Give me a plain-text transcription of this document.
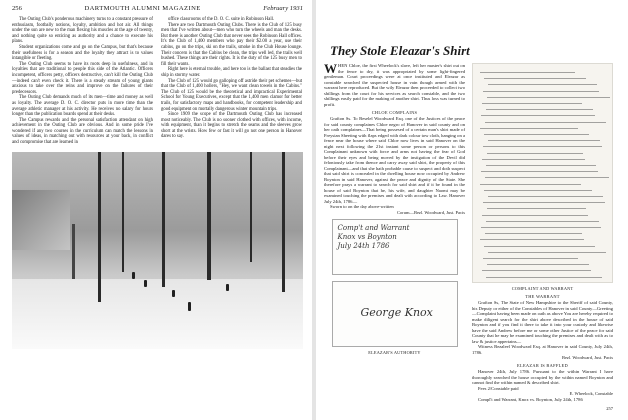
256	DARTMOUTH ALUMNI MAGAZINE	February 1931

The Outing Club's ponderous machinery turns to a constant pressure of enthusiasm, footbally notions, loyalty, ambition and hot air. All things under the sun are new to the man flexing his muscles at the age of twenty, and nothing quite so enticing as authority and a chance to execute his plans.

Student organizations come and go on the Campus, but that's because their usefulness is for a season and the loyalty they attract is to values intangible or fleeting.

The Outing Club seems to have its roots deep in usefulness, and in loyalties that are traditional to people this side of the Atlantic. Officers incompetent, officers petty, officers destructive, can't kill the Outing Club—indeed can't even check it. There is a steady stream of young giants anxious to take over the reins and improve on the failures of their predecessors.

The Outing Club demands much of its men—time and money as well as loyalty. The average D. O. C. director puts in more time than the average athletic manager at his activity. He receives no salary for hours longer than the publication boards spend at their desks.

The Campus rewards and the personal satisfaction attendant on high achievement in the Outing Club are obvious. And in some pride I've wondered if any two courses in the curriculum can match the lessons in values of ideas, in matching out with resources at your back, in conflict and compromise that are learned in

office classrooms of the D. O. C. suite in Robinson Hall.

There are two Dartmouth Outing Clubs. There is the Club of 125 busy men that I've written about—men who turn the wheels and man the desks. But there is another Outing Club that never sees the Robinson Hall offices. It's the Club of 1,400 members who pay their $2.00 a year, use their cabins, go on the trips, ski on the trails, smoke in the Club House lounge. Their concern is that the Cabins be clean, the trips well led, the trails well bushed. These things are their rights. It is the duty of the 125 busy men to fill their wants.

Right here is eternal trouble, and here too is the ballast that steadies the ship in stormy water.

The Club of 125 would go galloping off astride their pet schemes—but that the Club of 1,400 hollers, "Hey, we want clean towels in the Cabins." The Club of 125 would be the theoretical and impractical Experimental School for Young Executives, except that the 1,400 men clamor for better trails, for satisfactory maps and handbooks, for competent leadership and good equipment on mortally dangerous winter mountain trips.

Since 1909 the scope of the Dartmouth Outing Club has increased most noticeably. The Club is no sooner clothed with offices, with income, with equipment, than it begins to stretch the seams and the sleeves grow short at the wrists. How few or fast it will go not one person in Hanover dares to say.

They Stole Eleazar's Shirt

WHEN Chloe, the first Wheelock's slave, left her master's shirt out on the fence to dry, it was appropriated by some light-fingered gentleman. Court proceedings were at once instituted and Eleazar as constable searched the suspected house in vain though armed with the warrant here reproduced. But the wily Eleazar then proceeded to collect two shillings from the court for his services as search constable, and the two shillings easily paid for the making of another shirt. Thus loss was turned to profit.

CHLOE COMPLAINS

Grafton Ss. To Beselel Woodward Esq. one of the Justices of the peace for said county complaines Chloe negro of Hanover in said county and on her oath complaines—That being possesed of a certain man's shirt made of Freysian Sheeting with flaps edged with dark colour tow cloth, hanging on a fence near the house where said Chloe now lives in said Hanover on the night next following the 21st instant some person or persons to this Complainant unknown with force and arms not having the fear of God before their eyes and being moved by the instigation of the Devil did feloniously take from thence and carry away said shirt, the property of this Complainant—and that she hath probable cause to suspect and doth suspect that said shirt is concealed in the dwelling house now occupied by Andrew Boynton in said Hanover, against the peace and dignity of the State. She therefore prays a warrant to search for said shirt and if it be found in the house of said Boynton that he, his wife, and daughter Naomi may be examined touching the premises and dealt with according to Law. Hanover July 24th, 1786—

Sworn to on the day above-written

Corum—Bezl. Woodward, Just. Pacis
Comp't and Warrant
Knox vs Boynton
July 24th 1786
George Knox
ELEAZAR'S AUTHORITY
COMPLAINT AND WARRANT
THE WARRANT

Grafton Ss, The State of New Hampshire to the Sheriff of said County, his Deputy or either of the Constables of Hanover in said County—Greeting—Complaint having been made on oath as above You are hereby required to make diligent search for the shirt above described in the house of said Boynton and if you find it there to take it into your custody and likewise have the said Andrew before me or some other Justice of the peace for said County that he may be examined touching the premises and dealt with as to law & justice appertains—

Witness Bezaleel Woodward Esq. at Hanover in said County, July 24th, 1786.

Bezl. Woodward, Just. Pacis
ELEAZAR IS BAFFLED

Hanover 24th, July 1786. Pursuant to the within Warrant I have thoroughly searched the house occupied by the within named Boynton and cannot find the within named & described shirt.

Fees 2/Constable paid

E. Wheelock, Constable

Compl't and Warrant, Knox vs. Boynton, July 24th, 1786

257
